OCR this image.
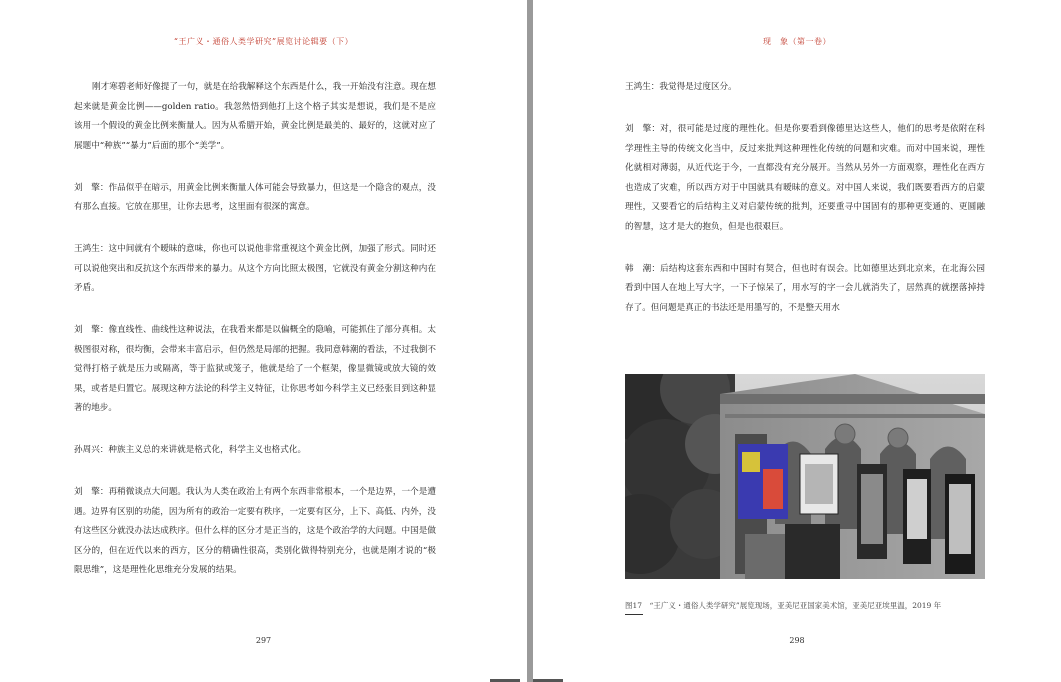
“王广义・通俗人类学研究”展览讨论辑要（下）

刚才寒碧老师好像提了一句，就是在给我解释这个东西是什么，我一开始没有注意。现在想起来就是黄金比例——golden ratio。我忽然悟到他打上这个格子其实是想说，我们是不是应该用一个假设的黄金比例来衡量人。因为从希腊开始，黄金比例是最美的、最好的，这就对应了展题中“种族”“暴力”后面的那个“美学”。

刘　擎：作品似乎在暗示，用黄金比例来衡量人体可能会导致暴力，但这是一个隐含的观点，没有那么直接。它放在那里，让你去思考，这里面有很深的寓意。

王鸿生：这中间就有个暧昧的意味，你也可以说他非常重视这个黄金比例，加强了形式。同时还可以说他突出和反抗这个东西带来的暴力。从这个方向比照太极图，它就没有黄金分割这种内在矛盾。

刘　擎：像直线性、曲线性这种说法，在我看来都是以偏概全的隐喻，可能抓住了部分真相。太极图很对称，很均衡，会带来丰富启示，但仍然是局部的把握。我同意韩潮的看法，不过我倒不觉得打格子就是压力或隔离，等于监狱或笼子，他就是给了一个框架，像显微镜或放大镜的效果，或者是归置它。展现这种方法论的科学主义特征，让你思考如今科学主义已经张目到这种显著的地步。

孙周兴：种族主义总的来讲就是格式化，科学主义也格式化。

刘　擎：再稍微谈点大问题。我认为人类在政治上有两个东西非常根本，一个是边界，一个是遭遇。边界有区别的功能，因为所有的政治一定要有秩序，一定要有区分，上下、高低、内外，没有这些区分就没办法达成秩序。但什么样的区分才是正当的，这是个政治学的大问题。中国是做区分的，但在近代以来的西方，区分的精确性很高，类别化做得特别充分，也就是刚才说的“极限思维”，这是理性化思维充分发展的结果。

297
现　象（第一卷）

王鸿生：我觉得是过度区分。

刘　擎：对，很可能是过度的理性化。但是你要看到像德里达这些人，他们的思考是依附在科学理性主导的传统文化当中，反过来批判这种理性化传统的问题和灾难。而对中国来说，理性化就相对薄弱，从近代迄于今，一直都没有充分展开。当然从另外一方面观察，理性化在西方也造成了灾难，所以西方对于中国就具有暧昧的意义。对中国人来说，我们既要看西方的启蒙理性，又要看它的后结构主义对启蒙传统的批判，还要重寻中国固有的那种更变通的、更圆融的智慧，这才是大的抱负，但是也很艰巨。

韩　潮：后结构这套东西和中国时有契合，但也时有误会。比如德里达到北京来，在北海公园看到中国人在地上写大字，一下子惊呆了，用水写的字一会儿就消失了，居然真的就摆落掉持存了。但问题是真正的书法还是用墨写的，不是整天用水

图17　“王广义・通俗人类学研究”展览现场，亚美尼亚国家美术馆，亚美尼亚埃里温，2019 年
298
